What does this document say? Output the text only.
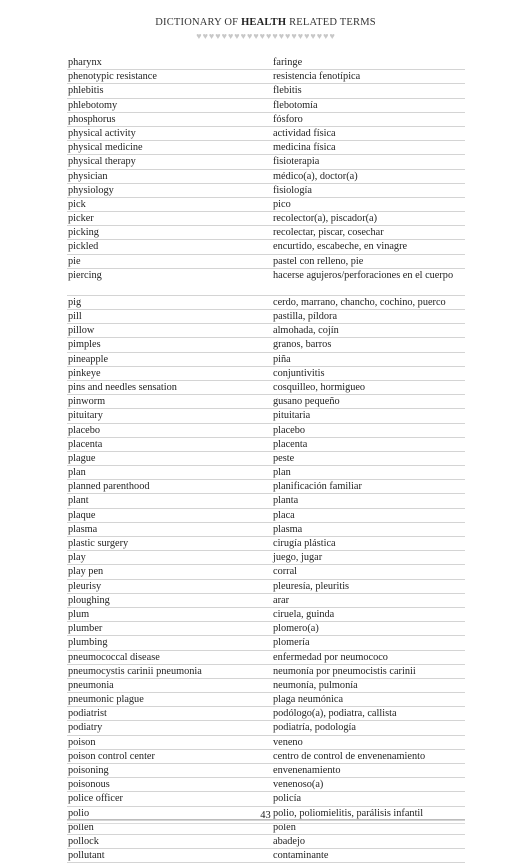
DICTIONARY OF HEALTH RELATED TERMS
♥♥♥♥♥♥♥♥♥♥♥♥♥♥♥♥♥♥♥♥♥♥
pharynx	faringe
phenotypic resistance	resistencia fenotípica
phlebitis	flebitis
phlebotomy	flebotomía
phosphorus	fósforo
physical activity	actividad física
physical medicine	medicina física
physical therapy	fisioterapia
physician	médico(a), doctor(a)
physiology	fisiología
pick	pico
picker	recolector(a), piscador(a)
picking	recolectar, piscar, cosechar
pickled	encurtido, escabeche, en vinagre
pie	pastel con relleno, pie
piercing	hacerse agujeros/perforaciones en el cuerpo
pig	cerdo, marrano, chancho, cochino, puerco
pill	pastilla, píldora
pillow	almohada, cojín
pimples	granos, barros
pineapple	piña
pinkeye	conjuntivitis
pins and needles sensation	cosquilleo, hormigueo
pinworm	gusano pequeño
pituitary	pituitaria
placebo	placebo
placenta	placenta
plague	peste
plan	plan
planned parenthood	planificación familiar
plant	planta
plaque	placa
plasma	plasma
plastic surgery	cirugía plástica
play	juego, jugar
play pen	corral
pleurisy	pleuresía, pleuritis
ploughing	arar
plum	ciruela, guinda
plumber	plomero(a)
plumbing	plomería
pneumococcal disease	enfermedad por neumococo
pneumocystis carinii pneumonia	neumonía por pneumocistis carinii
pneumonia	neumonía, pulmonía
pneumonic plague	plaga neumónica
podiatrist	podólogo(a), podiatra, callista
podiatry	podiatría, podología
poison	veneno
poison control center	centro de control de envenenamiento
poisoning	envenenamiento
poisonous	venenoso(a)
police officer	policía
polio	polio, poliomielitis, parálisis infantil
pollen	polen
pollock	abadejo
pollutant	contaminante
43
